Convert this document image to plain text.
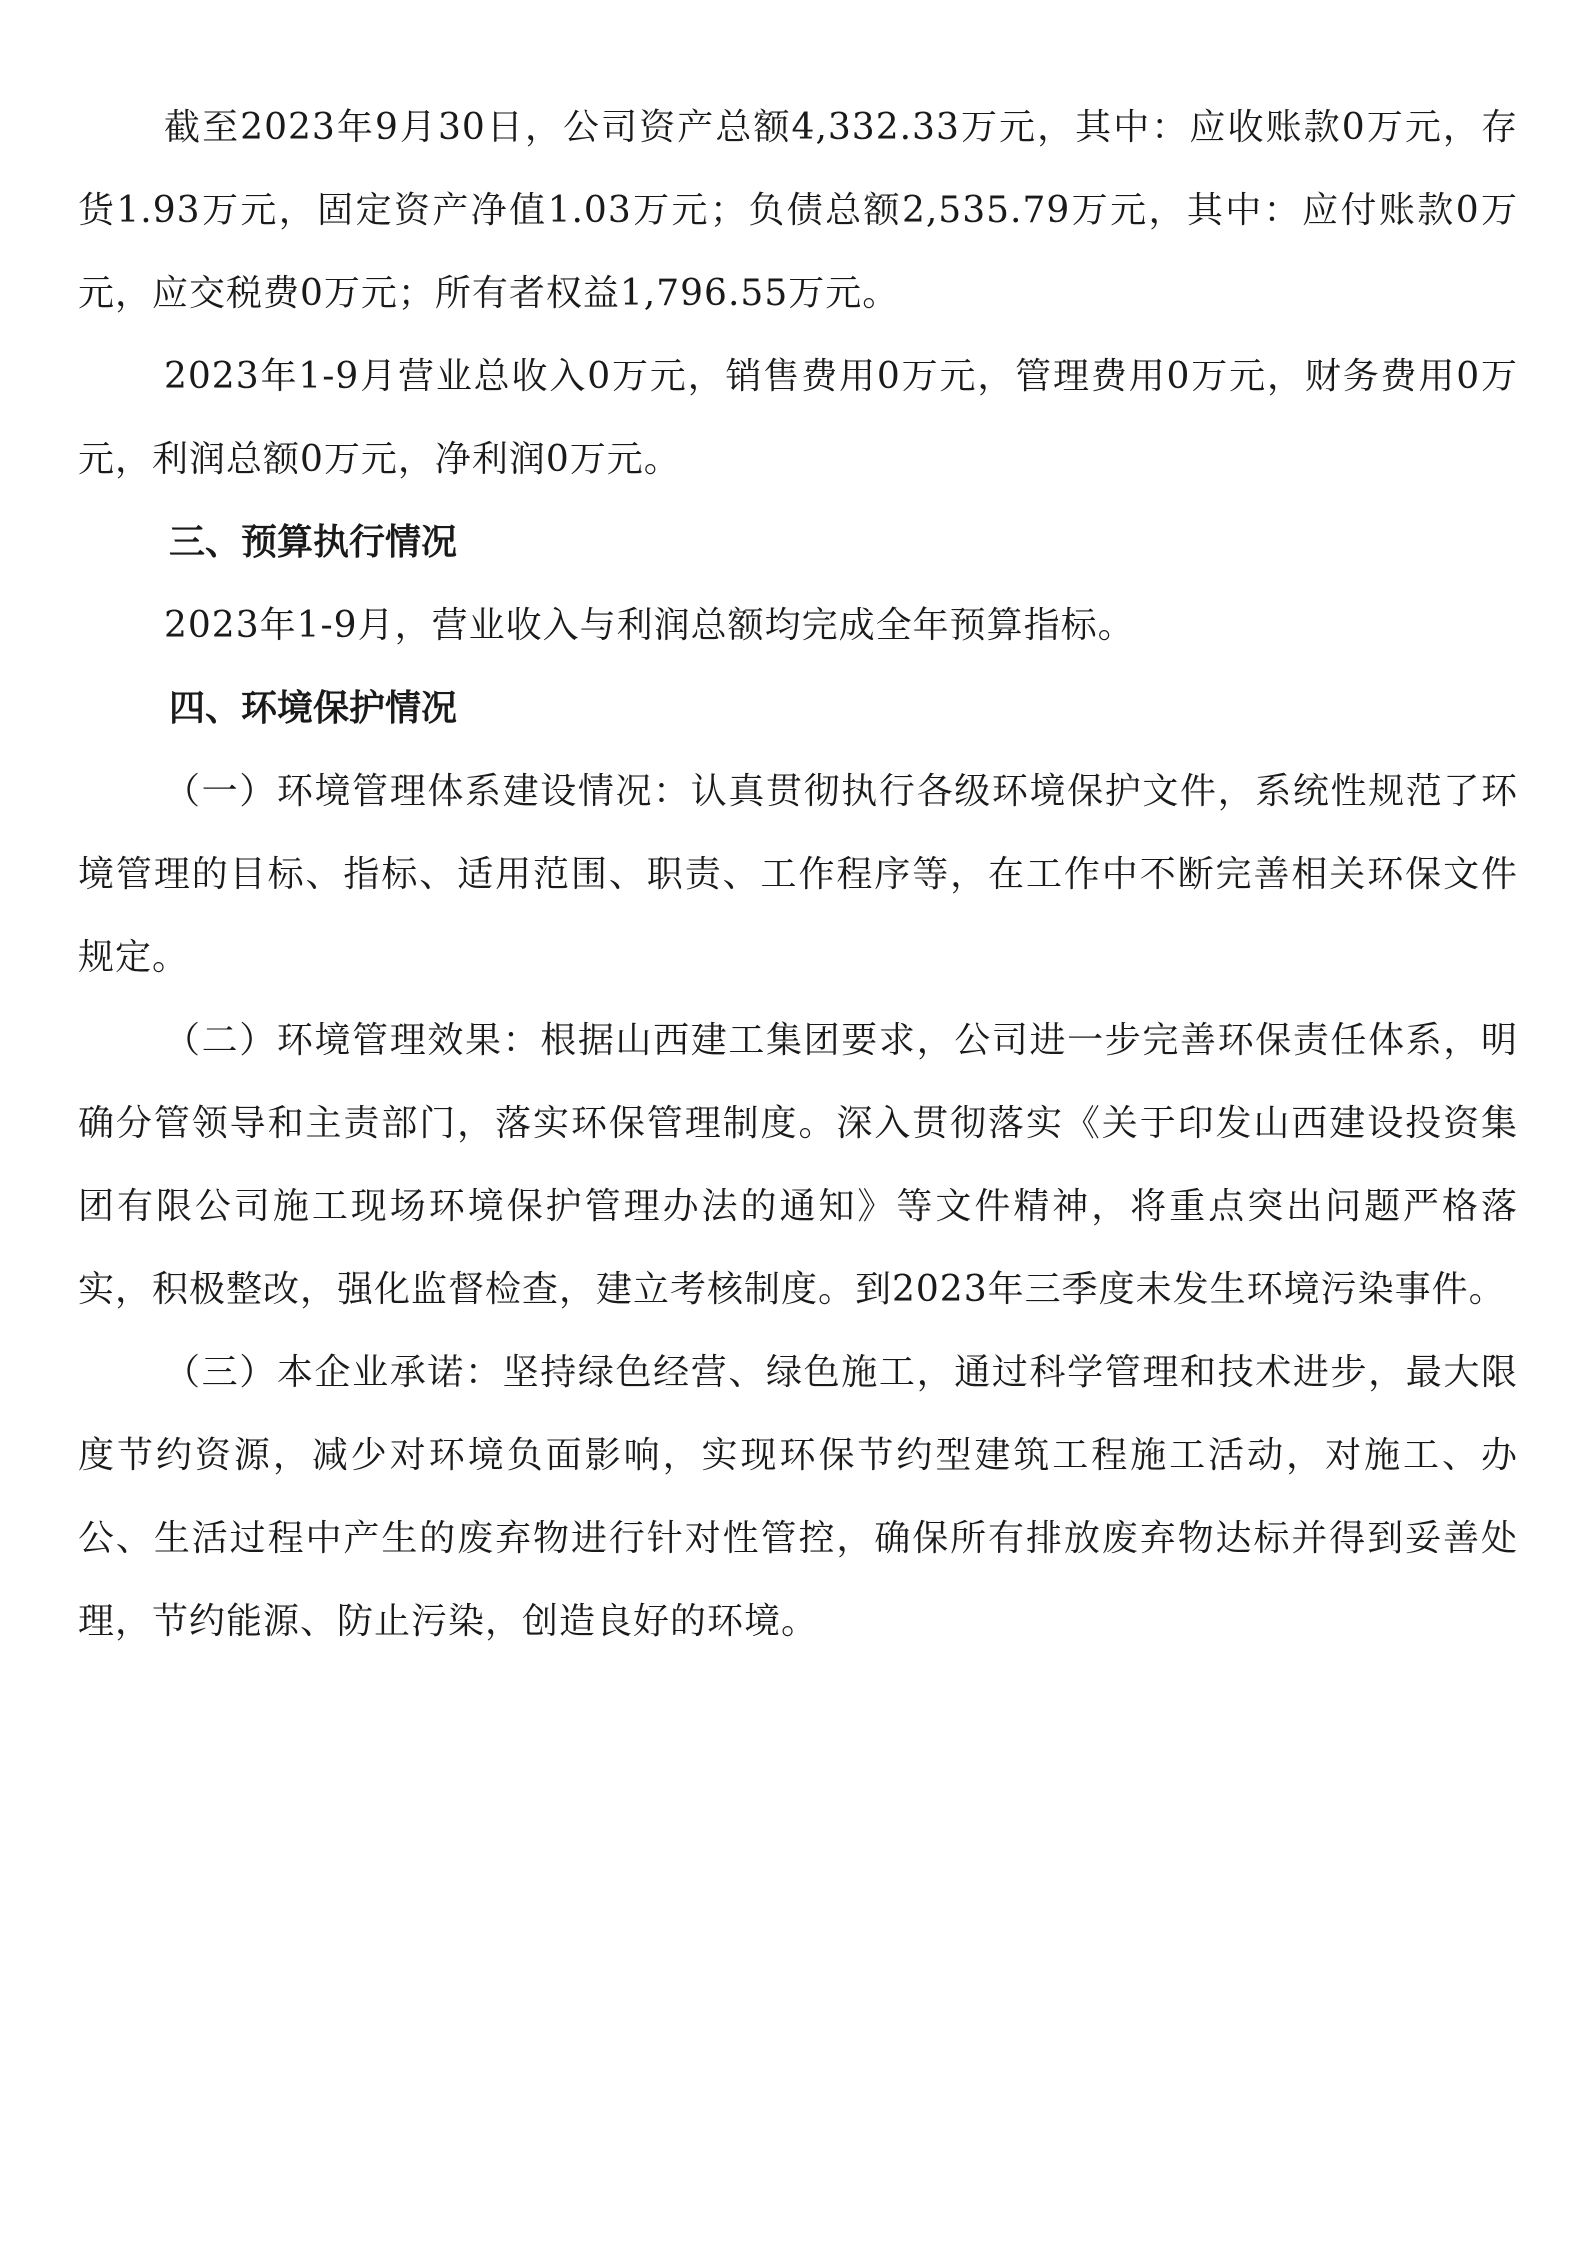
截至2023年9月30日，公司资产总额4,332.33万元，其中：应收账款0万元，存货1.93万元，固定资产净值1.03万元；负债总额2,535.79万元，其中：应付账款0万元，应交税费0万元；所有者权益1,796.55万元。

2023年1-9月营业总收入0万元，销售费用0万元，管理费用0万元，财务费用0万元，利润总额0万元，净利润0万元。

三、预算执行情况

2023年1-9月，营业收入与利润总额均完成全年预算指标。

四、环境保护情况

（一）环境管理体系建设情况：认真贯彻执行各级环境保护文件，系统性规范了环境管理的目标、指标、适用范围、职责、工作程序等，在工作中不断完善相关环保文件规定。

（二）环境管理效果：根据山西建工集团要求，公司进一步完善环保责任体系，明确分管领导和主责部门，落实环保管理制度。深入贯彻落实《关于印发山西建设投资集团有限公司施工现场环境保护管理办法的通知》等文件精神，将重点突出问题严格落实，积极整改，强化监督检查，建立考核制度。到2023年三季度未发生环境污染事件。

（三）本企业承诺：坚持绿色经营、绿色施工，通过科学管理和技术进步，最大限度节约资源，减少对环境负面影响，实现环保节约型建筑工程施工活动，对施工、办公、生活过程中产生的废弃物进行针对性管控，确保所有排放废弃物达标并得到妥善处理，节约能源、防止污染，创造良好的环境。
